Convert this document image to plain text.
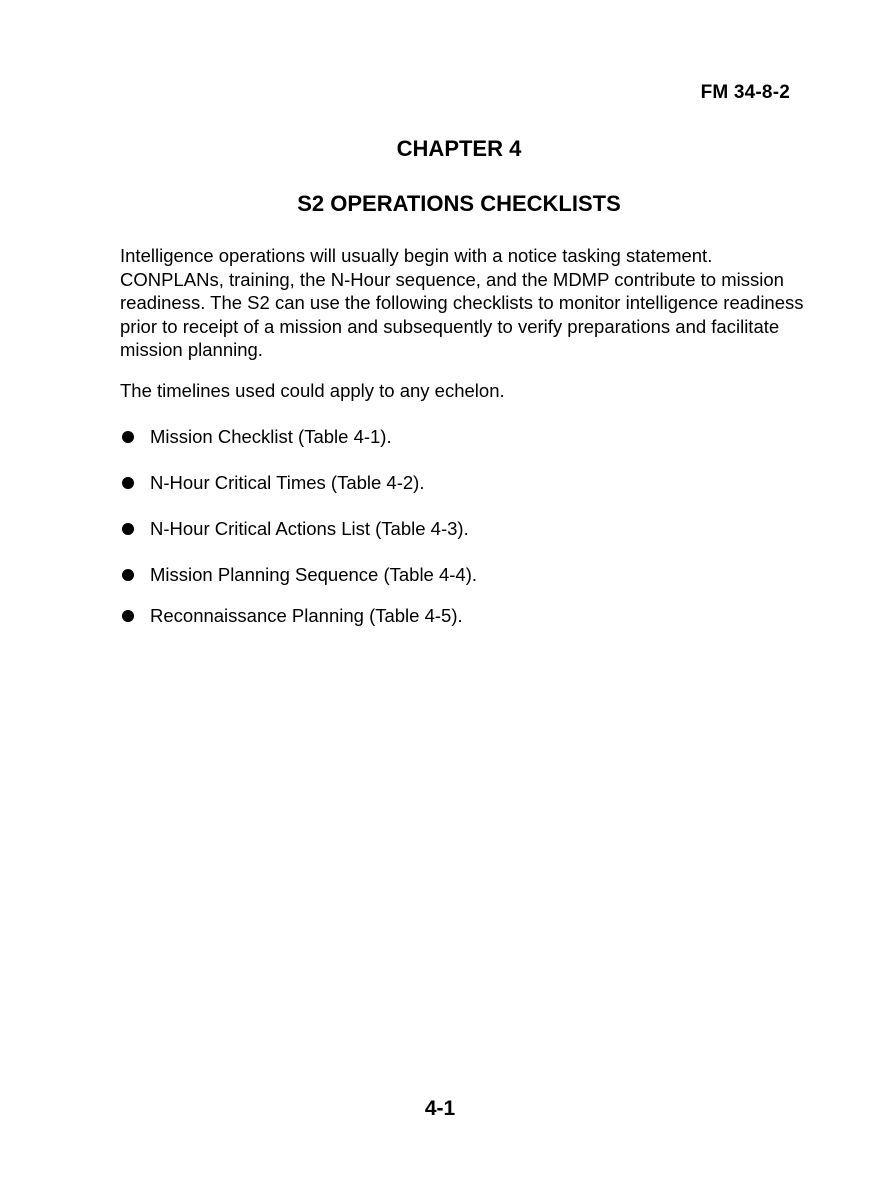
FM 34-8-2
CHAPTER 4
S2 OPERATIONS CHECKLISTS

Intelligence operations will usually begin with a notice tasking statement. CONPLANs, training, the N-Hour sequence, and the MDMP contribute to mission readiness. The S2 can use the following checklists to monitor intelligence readiness prior to receipt of a mission and subsequently to verify preparations and facilitate mission planning.

The timelines used could apply to any echelon.

Mission Checklist (Table 4-1).
N-Hour Critical Times (Table 4-2).
N-Hour Critical Actions List (Table 4-3).
Mission Planning Sequence (Table 4-4).
Reconnaissance Planning (Table 4-5).
4-1
